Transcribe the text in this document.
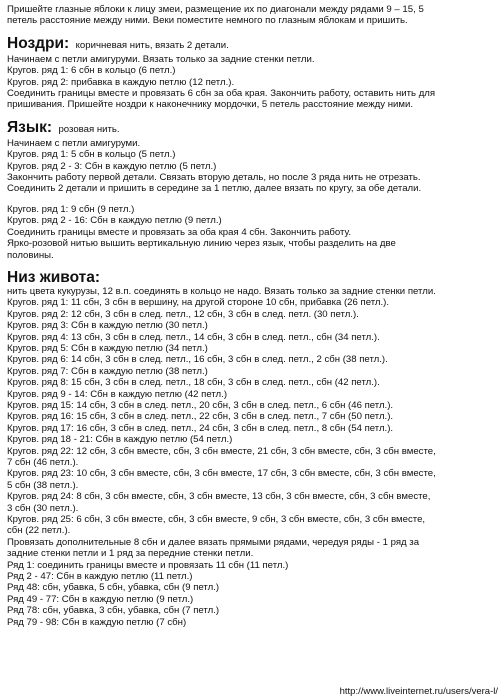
Пришейте глазные яблоки к лицу змеи, размещение их по диагонали между рядами 9 – 15, 5

петель расстояние между ними. Веки поместите немного по глазным яблокам и пришить.

Ноздри: коричневая нить, вязать 2 детали.

Начинаем с петли амигуруми. Вязать только за задние стенки петли.

Кругов. ряд 1: 6 сбн в кольцо (6 петл.)

Кругов. ряд 2: прибавка в каждую петлю (12 петл.).

Соединить границы вместе и провязать 6 сбн за оба края. Закончить работу, оставить нить для

пришивания. Пришейте ноздри к наконечнику мордочки, 5 петель расстояние между ними.

Язык: розовая нить.

Начинаем с петли амигуруми.

Кругов. ряд 1: 5 сбн в кольцо (5 петл.)

Кругов. ряд 2 - 3: Сбн в каждую петлю (5 петл.)

Закончить работу первой детали. Связать вторую деталь, но после 3 ряда нить не отрезать.

Соединить 2 детали и пришить в середине за 1 петлю, далее вязать по кругу, за обе детали.

Кругов. ряд 1: 9 сбн (9 петл.)

Кругов. ряд 2 - 16: Сбн в каждую петлю (9 петл.)

Соединить границы вместе и провязать за оба края 4 сбн. Закончить работу.

Ярко-розовой нитью вышить вертикальную линию через язык, чтобы разделить на две

половины.

Низ живота:

нить цвета кукурузы, 12 в.п. соединять в кольцо не надо. Вязать только за задние стенки петли.

Кругов. ряд 1: 11 сбн, 3 сбн в вершину, на другой стороне 10 сбн, прибавка (26 петл.).

Кругов. ряд 2: 12 сбн, 3 сбн в след. петл., 12 сбн, 3 сбн в след. петл. (30 петл.).

Кругов. ряд 3: Сбн в каждую петлю (30 петл.)

Кругов. ряд 4: 13 сбн, 3 сбн в след. петл., 14 сбн, 3 сбн в след. петл., сбн (34 петл.).

Кругов. ряд 5: Сбн в каждую петлю (34 петл.)

Кругов. ряд 6: 14 сбн, 3 сбн в след. петл., 16 сбн, 3 сбн в след. петл., 2 сбн (38 петл.).

Кругов. ряд 7: Сбн в каждую петлю (38 петл.)

Кругов. ряд 8: 15 сбн, 3 сбн в след. петл., 18 сбн, 3 сбн в след. петл., сбн (42 петл.).

Кругов. ряд 9 - 14: Сбн в каждую петлю (42 петл.)

Кругов. ряд 15: 14 сбн, 3 сбн в след. петл., 20 сбн, 3 сбн в след. петл., 6 сбн (46 петл.).

Кругов. ряд 16: 15 сбн, 3 сбн в след. петл., 22 сбн, 3 сбн в след. петл., 7 сбн (50 петл.).

Кругов. ряд 17: 16 сбн, 3 сбн в след. петл., 24 сбн, 3 сбн в след. петл., 8 сбн (54 петл.).

Кругов. ряд 18 - 21: Сбн в каждую петлю (54 петл.)

Кругов. ряд 22: 12 сбн, 3 сбн вместе, сбн, 3 сбн вместе, 21 сбн, 3 сбн вместе, сбн, 3 сбн вместе,

7 сбн (46 петл.).

Кругов. ряд 23: 10 сбн, 3 сбн вместе, сбн, 3 сбн вместе, 17 сбн, 3 сбн вместе, сбн, 3 сбн вместе,

5 сбн (38 петл.).

Кругов. ряд 24: 8 сбн, 3 сбн вместе, сбн, 3 сбн вместе, 13 сбн, 3 сбн вместе, сбн, 3 сбн вместе,

3 сбн (30 петл.).

Кругов. ряд 25: 6 сбн, 3 сбн вместе, сбн, 3 сбн вместе, 9 сбн, 3 сбн вместе, сбн, 3 сбн вместе,

сбн (22 петл.).

Провязать дополнительные 8 сбн и далее вязать прямыми рядами, чередуя ряды - 1 ряд за

задние стенки петли и 1 ряд за передние стенки петли.

Ряд 1: соединить границы вместе и провязать 11 сбн (11 петл.)

Ряд 2 - 47: Сбн в каждую петлю (11 петл.)

Ряд 48: сбн, убавка, 5 сбн, убавка, сбн (9 петл.)

Ряд 49 - 77: Сбн в каждую петлю (9 петл.)

Ряд 78: сбн, убавка, 3 сбн, убавка, сбн (7 петл.)

Ряд 79 - 98: Сбн в каждую петлю (7 сбн)

http://www.liveinternet.ru/users/vera-l/
